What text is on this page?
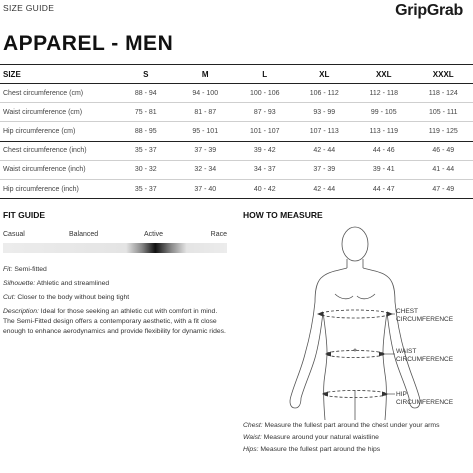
SIZE GUIDE	GripGrab
APPAREL - MEN
SIZE	S	M	L	XL	XXL	XXXL
Chest circumference (cm)	88 - 94	94 - 100	100 - 106	106 - 112	112 - 118	118 - 124
Waist circumference (cm)	75 - 81	81 - 87	87 - 93	93 - 99	99 - 105	105 - 111
Hip circumference (cm)	88 - 95	95 - 101	101 - 107	107 - 113	113 - 119	119 - 125
Chest circumference (inch)	35 - 37	37 - 39	39 - 42	42 - 44	44 - 46	46 - 49
Waist circumference (inch)	30 - 32	32 - 34	34 - 37	37 - 39	39 - 41	41 - 44
Hip circumference (inch)	35 - 37	37 - 40	40 - 42	42 - 44	44 - 47	47 - 49
FIT GUIDE
Casual	Balanced	Active	Race
Fit: Semi-fitted
Silhouette: Athletic and streamlined
Cut: Closer to the body without being tight
Description: Ideal for those seeking an athletic cut with comfort in mind. The Semi-Fitted design offers a contemporary aesthetic, with a fit close enough to enhance aerodynamics and provide flexibility for dynamic rides.
HOW TO MEASURE
CHEST
CIRCUMFERENCE
WAIST
CIRCUMFERENCE
HIP
CIRCUMFERENCE

Chest: Measure the fullest part around the chest under your arms

Waist: Measure around your natural waistline

Hips: Measure the fullest part around the hips
